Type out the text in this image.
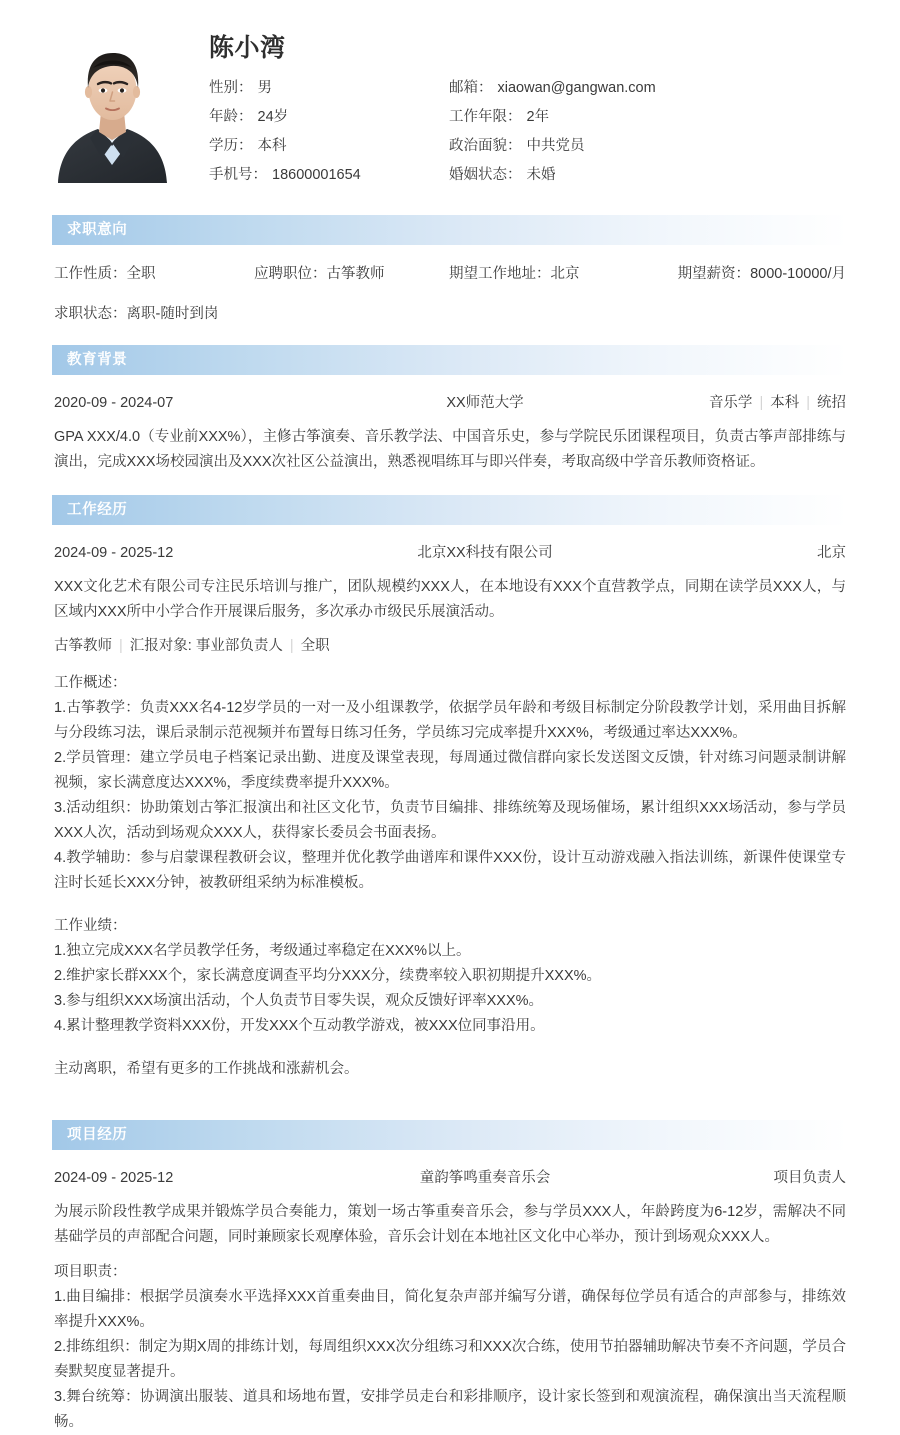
陈小湾
性别： 男	邮箱： xiaowan@gangwan.com
年龄： 24岁	工作年限： 2年
学历： 本科	政治面貌： 中共党员
手机号： 18600001654	婚姻状态： 未婚
求职意向
工作性质：全职	应聘职位：古筝教师	期望工作地址：北京	期望薪资：8000-10000/月
求职状态：离职-随时到岗
教育背景
2020-09 - 2024-07	XX师范大学	音乐学 | 本科 | 统招
GPA XXX/4.0（专业前XXX%），主修古筝演奏、音乐教学法、中国音乐史，参与学院民乐团课程项目，负责古筝声部排练与演出，完成XXX场校园演出及XXX次社区公益演出，熟悉视唱练耳与即兴伴奏，考取高级中学音乐教师资格证。
工作经历
2024-09 - 2025-12	北京XX科技有限公司	北京
XXX文化艺术有限公司专注民乐培训与推广，团队规模约XXX人，在本地设有XXX个直营教学点，同期在读学员XXX人，与区域内XXX所中小学合作开展课后服务，多次承办市级民乐展演活动。
古筝教师 | 汇报对象: 事业部负责人 | 全职
工作概述：
1.古筝教学：负责XXX名4-12岁学员的一对一及小组课教学，依据学员年龄和考级目标制定分阶段教学计划，采用曲目拆解与分段练习法，课后录制示范视频并布置每日练习任务，学员练习完成率提升XXX%，考级通过率达XXX%。
2.学员管理：建立学员电子档案记录出勤、进度及课堂表现，每周通过微信群向家长发送图文反馈，针对练习问题录制讲解视频，家长满意度达XXX%，季度续费率提升XXX%。
3.活动组织：协助策划古筝汇报演出和社区文化节，负责节目编排、排练统筹及现场催场，累计组织XXX场活动，参与学员XXX人次，活动到场观众XXX人，获得家长委员会书面表扬。
4.教学辅助：参与启蒙课程教研会议，整理并优化教学曲谱库和课件XXX份，设计互动游戏融入指法训练，新课件使课堂专注时长延长XXX分钟，被教研组采纳为标准模板。
工作业绩：
1.独立完成XXX名学员教学任务，考级通过率稳定在XXX%以上。
2.维护家长群XXX个，家长满意度调查平均分XXX分，续费率较入职初期提升XXX%。
3.参与组织XXX场演出活动，个人负责节目零失误，观众反馈好评率XXX%。
4.累计整理教学资料XXX份，开发XXX个互动教学游戏，被XXX位同事沿用。
主动离职，希望有更多的工作挑战和涨薪机会。
项目经历
2024-09 - 2025-12	童韵筝鸣重奏音乐会	项目负责人
为展示阶段性教学成果并锻炼学员合奏能力，策划一场古筝重奏音乐会，参与学员XXX人，年龄跨度为6-12岁，需解决不同基础学员的声部配合问题，同时兼顾家长观摩体验，音乐会计划在本地社区文化中心举办，预计到场观众XXX人。
项目职责：
1.曲目编排：根据学员演奏水平选择XXX首重奏曲目，简化复杂声部并编写分谱，确保每位学员有适合的声部参与，排练效率提升XXX%。
2.排练组织：制定为期X周的排练计划，每周组织XXX次分组练习和XXX次合练，使用节拍器辅助解决节奏不齐问题，学员合奏默契度显著提升。
3.舞台统筹：协调演出服装、道具和场地布置，安排学员走台和彩排顺序，设计家长签到和观演流程，确保演出当天流程顺畅。
